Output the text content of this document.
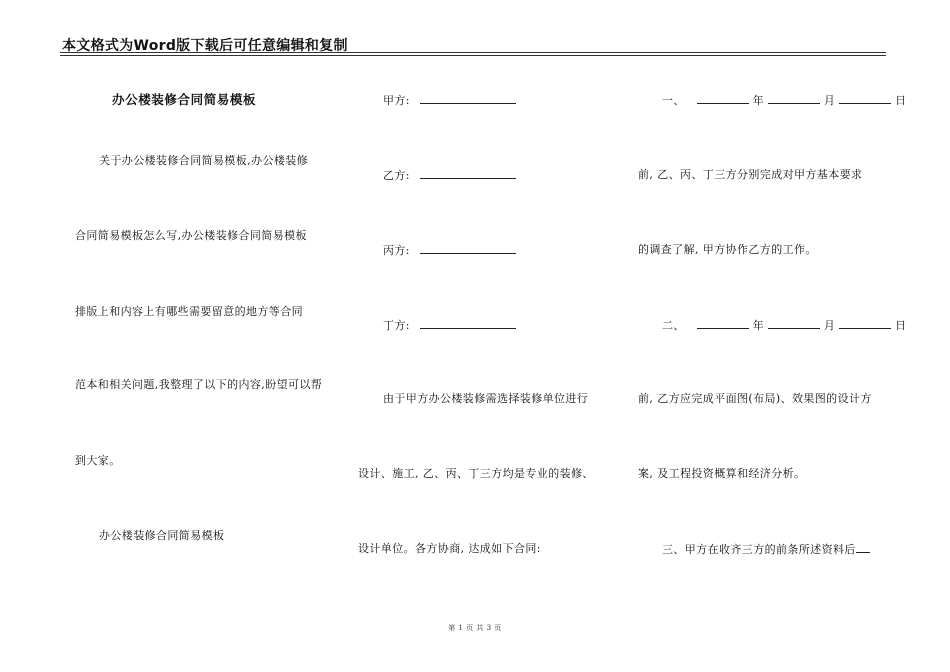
本文格式为Word版下载后可任意编辑和复制
办公楼装修合同简易模板
关于办公楼装修合同简易模板,办公楼装修
合同简易模板怎么写,办公楼装修合同简易模板
排版上和内容上有哪些需要留意的地方等合同
范本和相关问题,我整理了以下的内容,盼望可以帮
到大家。
办公楼装修合同简易模板
甲方:
乙方:
丙方:
丁方:
由于甲方办公楼装修需选择装修单位进行
设计、施工, 乙、丙、丁三方均是专业的装修、
设计单位。各方协商, 达成如下合同:
一、	年	月	日
前, 乙、丙、丁三方分别完成对甲方基本要求
的调查了解, 甲方协作乙方的工作。
二、	年	月	日
前, 乙方应完成平面图(布局)、效果图的设计方
案, 及工程投资概算和经济分析。
三、甲方在收齐三方的前条所述资料后
第 1 页 共 3 页
